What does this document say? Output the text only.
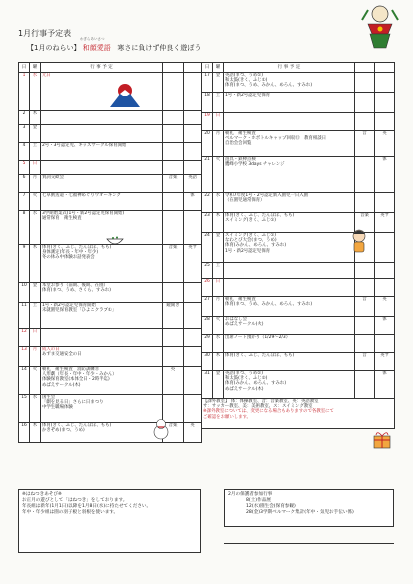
1月行事予定表
【1月のねらい】
わぎらあいさつ
和顔愛語 寒さに負けず仲良く遊ぼう
日	曜	行 事 予 定		
1	水	元日		

2	木	

3	金	

4	土	2号・3号認定児、キッズサークル保育開始		

5	日	

6	月	賀詞交歓会	音楽	英語
7	火	七草粥送還・七福神めぐりウオーキング		体
8	水	3学期始業式(1号・新2号認定児保育開始)
通常保育　衛生検査		

9	木	体育(きく、ふじ、たんぽぽ、もも)
身体測定(年長・年中・年少)
冬の休み中体験お話発表会	音楽	英サ
10	金	本堂お参り（前期、後期、在園）
体育(まつ、うめ、さくら、すみれ)		

11	土	1号・新2号認定児保育開始
未就園児保育教室「ひよこクラブ①」	鏡開き	
12	日	

13	月	成人の日
あずま交通安全の日		

14	火	朝礼　衛生検査　消防訓練⑪
人形劇（年長・年中・年少・みかん）
体験保育教室(本体全日・2時半迄)
めばえサークル(木)	英	
15	水	国生会
「劇を見る日」さらに日まつり
中学生職場体験		

16	木	体育(きく、ふじ、たんぽぽ、もも)
かきぞめ(まつ、うめ)	音楽	英
日	曜	行 事 予 定		
17	金	英語(まつ、うめ①)
和太鼓(きく、ふじ①)
体育(まつ、うめ、みかん、めろん、すみれ)		

18	土	1号・新2号認定児保育		

19	日	

20	月	朝礼　衛生検査
ベルマーク・ホボトルキャップ回収⑪　教育相談日
自治会会回覧	音	英
21	火	遊具・鉄棒点検
鷹峰小学校 3days チャレンジ		体
22	水	令和7年度1号・2号認定新入園児一日入園
（在園児通常保育）		

23	木	体育(きく、ふじ、たんぽぽ、もも)
スイミング(きく、ふじ①)	音楽	英サ
24	金	スイミング(きく、ふじ①)
なわとび大会(まつ、うめ)
体育(みかん、めろん、すみれ)
1号・新2号認定児保育		

25	土	

26	日	

27	月	朝礼　衛生検査
体育(まつ、うめ、みかん、めろん、すみれ)	音	英
28	火	おはなし会
めばえサークル(火)		体
29	水	出席ノート預かり（1/29〜2/3）		

30	木	体育(きく、ふじ、たんぽぽ、もも)	音	英サ
31	金	英語(まつ、うめ②)
和太鼓(きく、ふじ②)
体育(みかん、めろん、すみれ)
めばえサークル(木)		体

【課外教室】 体：体操教室、音：音楽教室、英：英語教室
サ：サッカー教室、美：美術教室、ス：スイミング教室
※課外教室については、変更になる場合もありますので各教室にて
ご確認をお願いします。				
※はねつきあそび※
お正月の遊びとして「はねつき」をしております。
年長組は新年(1月1日)以降を1月8日(水)に持たせてください。
年中・年少組は園の羽子板と羽根を使います。
2月の保護者参加行事
8(土)作品展
12(水)園生会(保育参観)
28(金)3学期ベルマーク集計(年中・気児お手伝い係)
